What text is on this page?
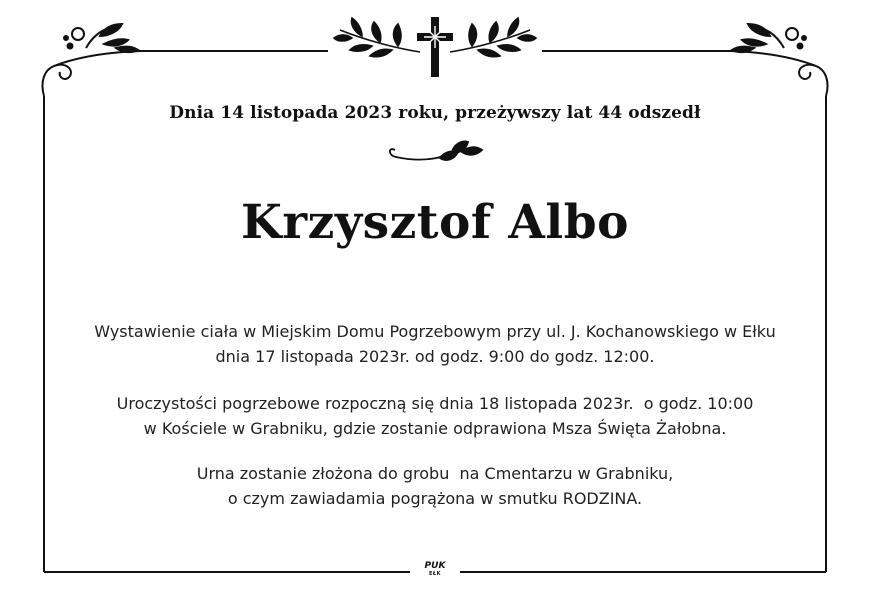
Dnia 14 listopada 2023 roku, przeżywszy lat 44 odszedł
Krzysztof Albo
Wystawienie ciała w Miejskim Domu Pogrzebowym przy ul. J. Kochanowskiego w Ełku
dnia 17 listopada 2023r. od godz. 9:00 do godz. 12:00.
Uroczystości pogrzebowe rozpoczną się dnia 18 listopada 2023r.  o godz. 10:00
w Kościele w Grabniku, gdzie zostanie odprawiona Msza Święta Żałobna.
Urna zostanie złożona do grobu  na Cmentarzu w Grabniku,
o czym zawiadamia pogrążona w smutku RODZINA.
PUK
EŁK
